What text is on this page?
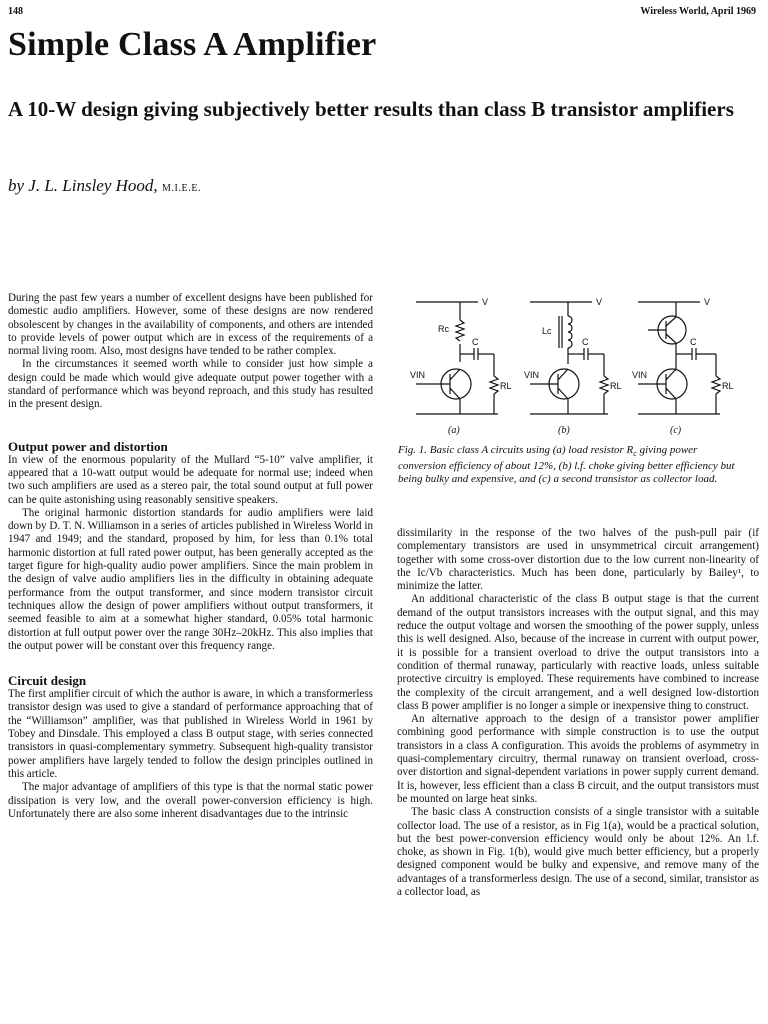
148	Wireless World, April 1969
Simple Class A Amplifier
A 10-W design giving subjectively better results than class B transistor amplifiers
by J. L. Linsley Hood, M.I.E.E.

During the past few years a number of excellent designs have been published for domestic audio amplifiers. However, some of these designs are now rendered obsolescent by changes in the availability of components, and others are intended to provide levels of power output which are in excess of the requirements of a normal living room. Also, most designs have tended to be rather complex.

In the circumstances it seemed worth while to consider just how simple a design could be made which would give adequate output power together with a standard of performance which was beyond reproach, and this study has resulted in the present design.

Output power and distortion

In view of the enormous popularity of the Mullard “5-10” valve amplifier, it appeared that a 10-watt output would be adequate for normal use; indeed when two such amplifiers are used as a stereo pair, the total sound output at full power can be quite astonishing using reasonably sensitive speakers.

The original harmonic distortion standards for audio amplifiers were laid down by D. T. N. Williamson in a series of articles published in Wireless World in 1947 and 1949; and the standard, proposed by him, for less than 0.1% total harmonic distortion at full rated power output, has been generally accepted as the target figure for high-quality audio power amplifiers. Since the main problem in the design of valve audio amplifiers lies in the difficulty in obtaining adequate performance from the output transformer, and since modern transistor circuit techniques allow the design of power amplifiers without output transformers, it seemed feasible to aim at a somewhat higher standard, 0.05% total harmonic distortion at full output power over the range 30Hz–20kHz. This also implies that the output power will be constant over this frequency range.

Circuit design

The first amplifier circuit of which the author is aware, in which a transformerless transistor design was used to give a standard of performance approaching that of the “Williamson” amplifier, was that published in Wireless World in 1961 by Tobey and Dinsdale. This employed a class B output stage, with series connected transistors in quasi-complementary symmetry. Subsequent high-quality transistor power amplifiers have largely tended to follow the design principles outlined in this article.

The major advantage of amplifiers of this type is that the normal static power dissipation is very low, and the overall power-conversion efficiency is high. Unfortunately there are also some inherent disadvantages due to the intrinsic

V
Rc
C
VIN
RL
V
Lc
C
VIN
RL
V
C
VIN
RL
(a)	(b)	(c)
Fig. 1. Basic class A circuits using (a) load resistor $R_c$ giving power conversion efficiency of about 12%, (b) l.f. choke giving better efficiency but being bulky and expensive, and (c) a second transistor as collector load.

dissimilarity in the response of the two halves of the push-pull pair (if complementary transistors are used in unsymmetrical circuit arrangement) together with some cross-over distortion due to the low current non-linearity of the Ic/Vb characteristics. Much has been done, particularly by Bailey¹, to minimize the latter.

An additional characteristic of the class B output stage is that the current demand of the output transistors increases with the output signal, and this may reduce the output voltage and worsen the smoothing of the power supply, unless this is well designed. Also, because of the increase in current with output power, it is possible for a transient overload to drive the output transistors into a condition of thermal runaway, particularly with reactive loads, unless suitable protective circuitry is employed. These requirements have combined to increase the complexity of the circuit arrangement, and a well designed low-distortion class B power amplifier is no longer a simple or inexpensive thing to construct.

An alternative approach to the design of a transistor power amplifier combining good performance with simple construction is to use the output transistors in a class A configuration. This avoids the problems of asymmetry in quasi-complementary circuitry, thermal runaway on transient overload, cross-over distortion and signal-dependent variations in power supply current demand. It is, however, less efficient than a class B circuit, and the output transistors must be mounted on large heat sinks.

The basic class A construction consists of a single transistor with a suitable collector load. The use of a resistor, as in Fig 1(a), would be a practical solution, but the best power-conversion efficiency would only be about 12%. An l.f. choke, as shown in Fig. 1(b), would give much better efficiency, but a properly designed component would be bulky and expensive, and remove many of the advantages of a transformerless design. The use of a second, similar, transistor as a collector load, as
